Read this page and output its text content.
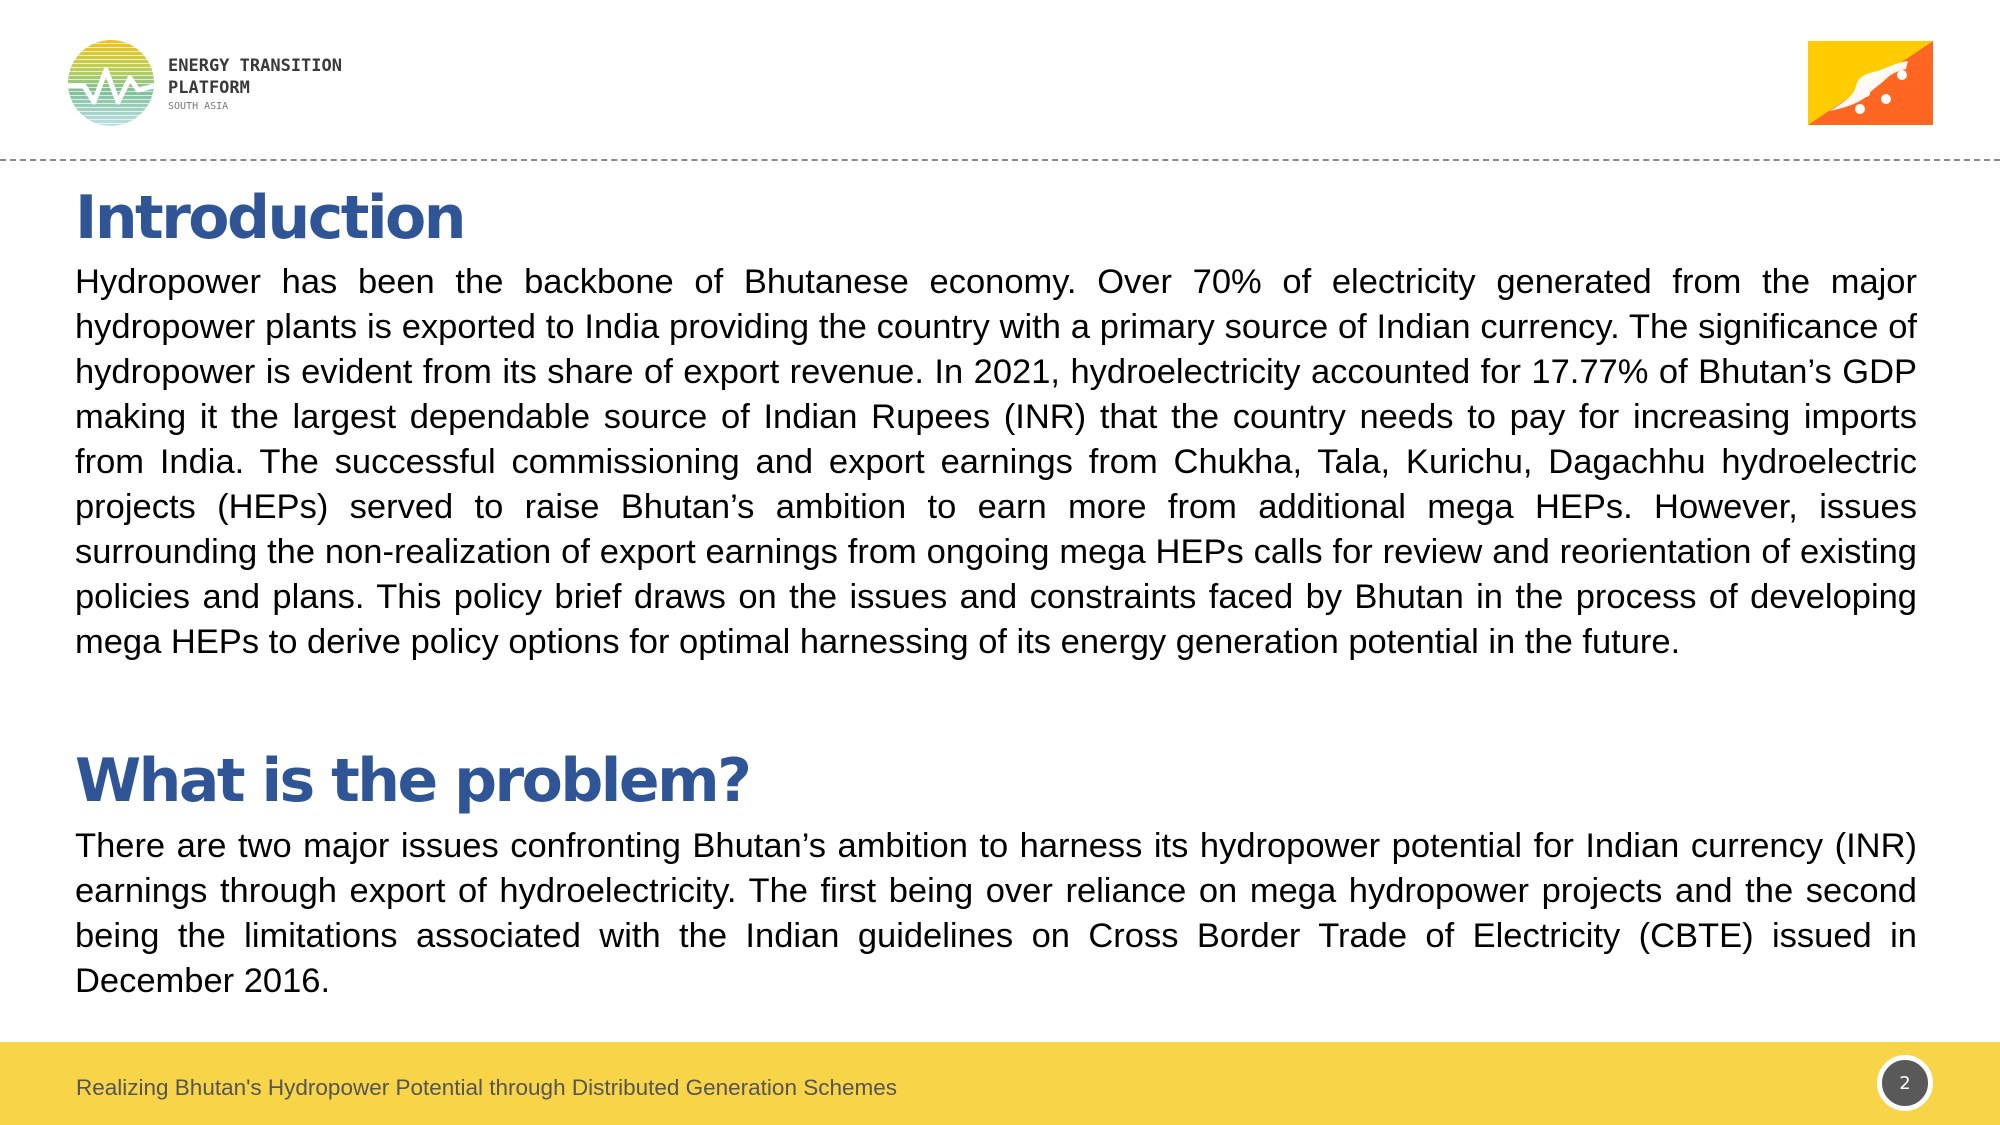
ENERGY TRANSITION
PLATFORM
SOUTH ASIA
Introduction

Hydropower has been the backbone of Bhutanese economy. Over 70% of electricity generated from the major hydropower plants is exported to India providing the country with a primary source of Indian currency. The significance of hydropower is evident from its share of export revenue. In 2021, hydroelectricity accounted for 17.77% of Bhutan’s GDP making it the largest dependable source of Indian Rupees (INR) that the country needs to pay for increasing imports from India. The successful commissioning and export earnings from Chukha, Tala, Kurichu, Dagachhu hydroelectric projects (HEPs) served to raise Bhutan’s ambition to earn more from additional mega HEPs. However, issues surrounding the non-realization of export earnings from ongoing mega HEPs calls for review and reorientation of existing policies and plans. This policy brief draws on the issues and constraints faced by Bhutan in the process of developing mega HEPs to derive policy options for optimal harnessing of its energy generation potential in the future.

What is the problem?

There are two major issues confronting Bhutan’s ambition to harness its hydropower potential for Indian currency (INR) earnings through export of hydroelectricity. The first being over reliance on mega hydropower projects and the second being the limitations associated with the Indian guidelines on Cross Border Trade of Electricity (CBTE) issued in December 2016.

Realizing Bhutan's Hydropower Potential through Distributed Generation Schemes	2
